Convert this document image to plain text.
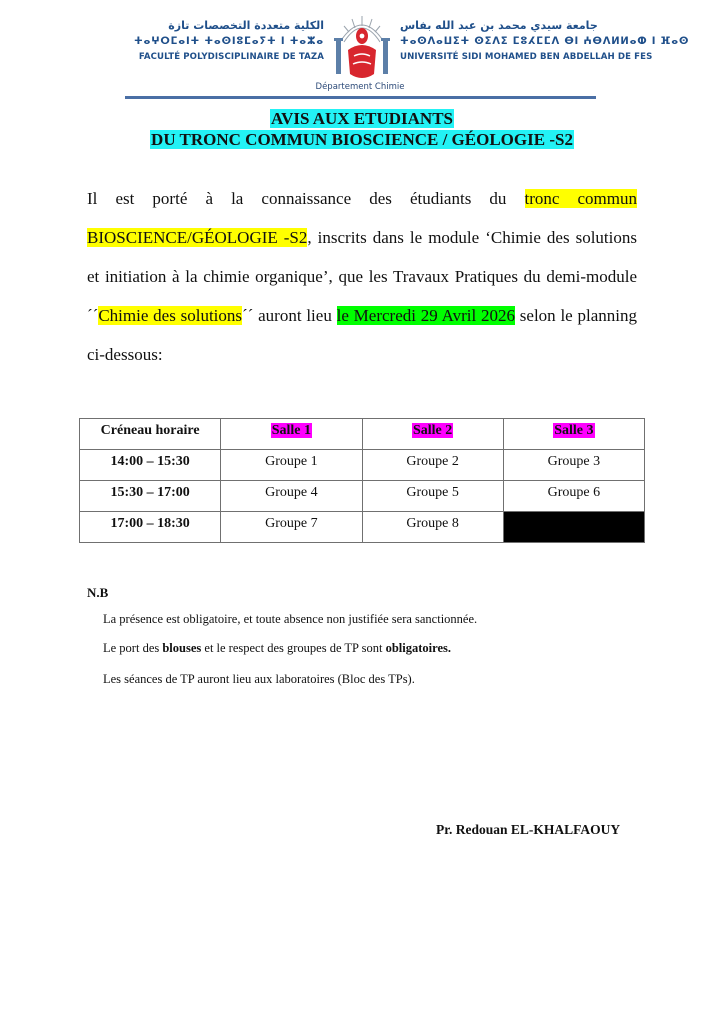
الكلية متعددة التخصصات تازة
ⵜⴰⵖⵔⵎⴰⵏⵜ ⵜⴰⵙⵏⵓⵎⴰⵢⵜ ⵏ ⵜⴰⵣⴰ
FACULTÉ POLYDISCIPLINAIRE DE TAZA
جامعة سيدي محمد بن عبد الله بفاس
ⵜⴰⵙⴷⴰⵡⵉⵜ ⵙⵉⴷⵉ ⵎⵓⵃⵎⵎⴷ ⴱⵏ ⵄⴱⴷⵍⵍⴰⵀ ⵏ ⴼⴰⵙ
UNIVERSITÉ SIDI MOHAMED BEN ABDELLAH DE FES
Département Chimie
AVIS AUX ETUDIANTS
DU TRONC COMMUN BIOSCIENCE / GÉOLOGIE -S2
Il est porté à la connaissance des étudiants du tronc commun
BIOSCIENCE/GÉOLOGIE -S2, inscrits dans le module ‘Chimie des solutions
et initiation à la chimie organique’, que les Travaux Pratiques du demi-module
´´Chimie des solutions´´ auront lieu le Mercredi 29 Avril 2026 selon le planning
ci-dessous:
Créneau horaire	Salle 1	Salle 2	Salle 3
14:00 – 15:30	Groupe 1	Groupe 2	Groupe 3
15:30 – 17:00	Groupe 4	Groupe 5	Groupe 6
17:00 – 18:30	Groupe 7	Groupe 8	
N.B
La présence est obligatoire, et toute absence non justifiée sera sanctionnée.
Le port des blouses et le respect des groupes de TP sont obligatoires.
Les séances de TP auront lieu aux laboratoires (Bloc des TPs).
Pr. Redouan EL-KHALFAOUY
